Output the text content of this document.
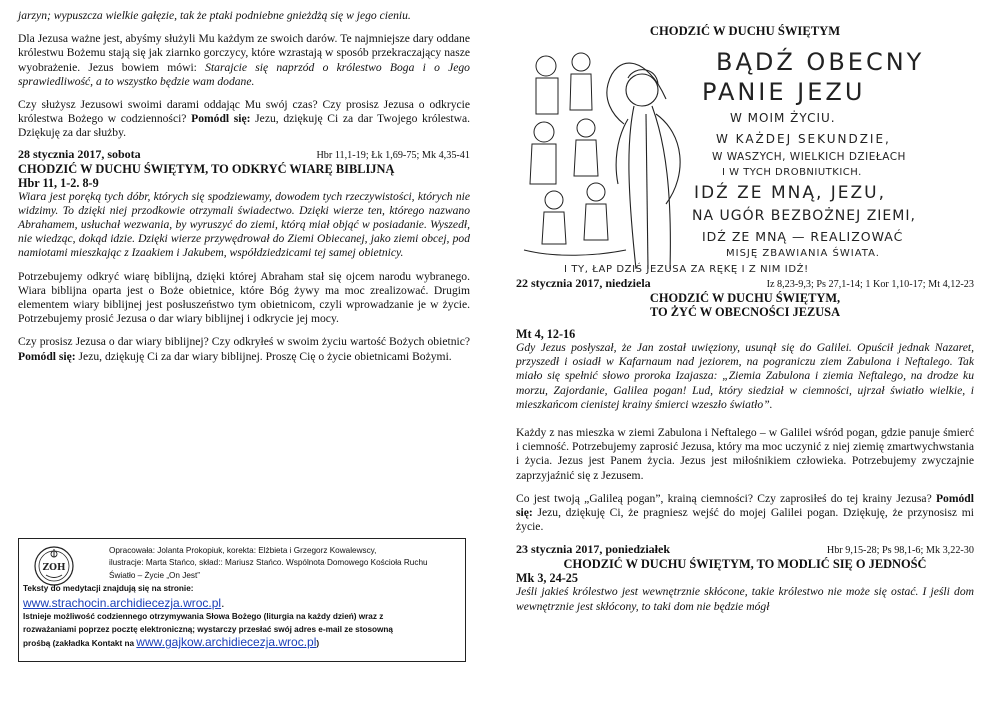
jarzyn; wypuszcza wielkie gałęzie, tak że ptaki podniebne gnieżdżą się w jego cieniu.

Dla Jezusa ważne jest, abyśmy służyli Mu każdym ze swoich darów. Te najmniejsze dary oddane królestwu Bożemu stają się jak ziarnko gorczycy, które wzrastają w sposób przekraczający nasze wyobrażenie. Jezus bowiem mówi: Starajcie się naprzód o królestwo Boga i o Jego sprawiedliwość, a to wszystko będzie wam dodane.

Czy służysz Jezusowi swoimi darami oddając Mu swój czas? Czy prosisz Jezusa o odkrycie królestwa Bożego w codzienności? Pomódl się: Jezu, dziękuję Ci za dar Twojego królestwa. Dziękuję za dar służby.

28 stycznia 2017, sobota	Hbr 11,1-19; Łk 1,69-75; Mk 4,35-41
CHODZIĆ W DUCHU ŚWIĘTYM, TO ODKRYĆ WIARĘ BIBLIJNĄ
Hbr 11, 1-2. 8-9

Wiara jest poręką tych dóbr, których się spodziewamy, dowodem tych rzeczywistości, których nie widzimy. To dzięki niej przodkowie otrzymali świadectwo. Dzięki wierze ten, którego nazwano Abrahamem, usłuchał wezwania, by wyruszyć do ziemi, którą miał objąć w posiadanie. Wyszedł, nie wiedząc, dokąd idzie. Dzięki wierze przywędrował do Ziemi Obiecanej, jako ziemi obcej, pod namiotami mieszkając z Izaakiem i Jakubem, współdziedzicami tej samej obietnicy.

Potrzebujemy odkryć wiarę biblijną, dzięki której Abraham stał się ojcem narodu wybranego. Wiara biblijna oparta jest o Boże obietnice, które Bóg żywy ma moc zrealizować. Drugim elementem wiary biblijnej jest posłuszeństwo tym obietnicom, czyli wprowadzanie je w życie. Potrzebujemy prosić Jezusa o dar wiary biblijnej i odkrycie jej mocy.

Czy prosisz Jezusa o dar wiary biblijnej? Czy odkryłeś w swoim życiu wartość Bożych obietnic? Pomódl się: Jezu, dziękuję Ci za dar wiary biblijnej. Proszę Cię o życie obietnicami Bożymi.

ZOH

Opracowała: Jolanta Prokopiuk, korekta: Elżbieta i Grzegorz Kowalewscy,

ilustracje: Marta Stańco, skład:: Mariusz Stańco. Wspólnota Domowego Kościoła Ruchu

Światło – Życie „On Jest”

Teksty do medytacji znajdują się na stronie:

www.strachocin.archidiecezja.wroc.pl.

Istnieje możliwość codziennego otrzymywania Słowa Bożego (liturgia na każdy dzień) wraz z

rozważaniami poprzez pocztę elektroniczną; wystarczy przesłać swój adres e-mail ze stosowną

prośbą (zakładka Kontakt na www.gajkow.archidiecezja.wroc.pl)

CHODZIĆ W DUCHU ŚWIĘTYM
BĄDŹ OBECNY
PANIE JEZU
W MOIM ŻYCIU.
W KAŻDEJ SEKUNDZIE,
W WASZYCH, WIELKICH DZIEŁACH
I W TYCH DROBNIUTKICH.
IDŹ ZE MNĄ, JEZU,
NA UGÓR BEZBOŻNEJ ZIEMI,
IDŹ ZE MNĄ — REALIZOWAĆ
MISJĘ ZBAWIANIA ŚWIATA.
I TY, ŁAP DZIŚ JEZUSA ZA RĘKĘ I Z NIM IDŹ!
22 stycznia 2017, niedziela	Iz 8,23-9,3; Ps 27,1-14; 1 Kor 1,10-17; Mt 4,12-23
CHODZIĆ W DUCHU ŚWIĘTYM,
TO ŻYĆ W OBECNOŚCI JEZUSA
Mt 4, 12-16

Gdy Jezus posłyszał, że Jan został uwięziony, usunął się do Galilei. Opuścił jednak Nazaret, przyszedł i osiadł w Kafarnaum nad jeziorem, na pograniczu ziem Zabulona i Neftalego. Tak miało się spełnić słowo proroka Izajasza: „Ziemia Zabulona i ziemia Neftalego, na drodze ku morzu, Zajordanie, Galilea pogan! Lud, który siedział w ciemności, ujrzał światło wielkie, i mieszkańcom cienistej krainy śmierci wzeszło światło”.

Każdy z nas mieszka w ziemi Zabulona i Neftalego – w Galilei wśród pogan, gdzie panuje śmierć i ciemność. Potrzebujemy zaprosić Jezusa, który ma moc uczynić z niej ziemię zmartwychwstania i życia. Jezus jest Panem życia. Jezus jest miłośnikiem człowieka. Potrzebujemy zwyczajnie zaprzyjaźnić się z Jezusem.

Co jest twoją „Galileą pogan”, krainą ciemności? Czy zaprosiłeś do tej krainy Jezusa? Pomódl się: Jezu, dziękuję Ci, że pragniesz wejść do mojej Galilei pogan. Dziękuję, że przynosisz mi życie.

23 stycznia 2017, poniedziałek	Hbr 9,15-28; Ps 98,1-6; Mk 3,22-30
CHODZIĆ W DUCHU ŚWIĘTYM, TO MODLIĆ SIĘ O JEDNOŚĆ
Mk 3, 24-25

Jeśli jakieś królestwo jest wewnętrznie skłócone, takie królestwo nie może się ostać. I jeśli dom wewnętrznie jest skłócony, to taki dom nie będzie mógł
